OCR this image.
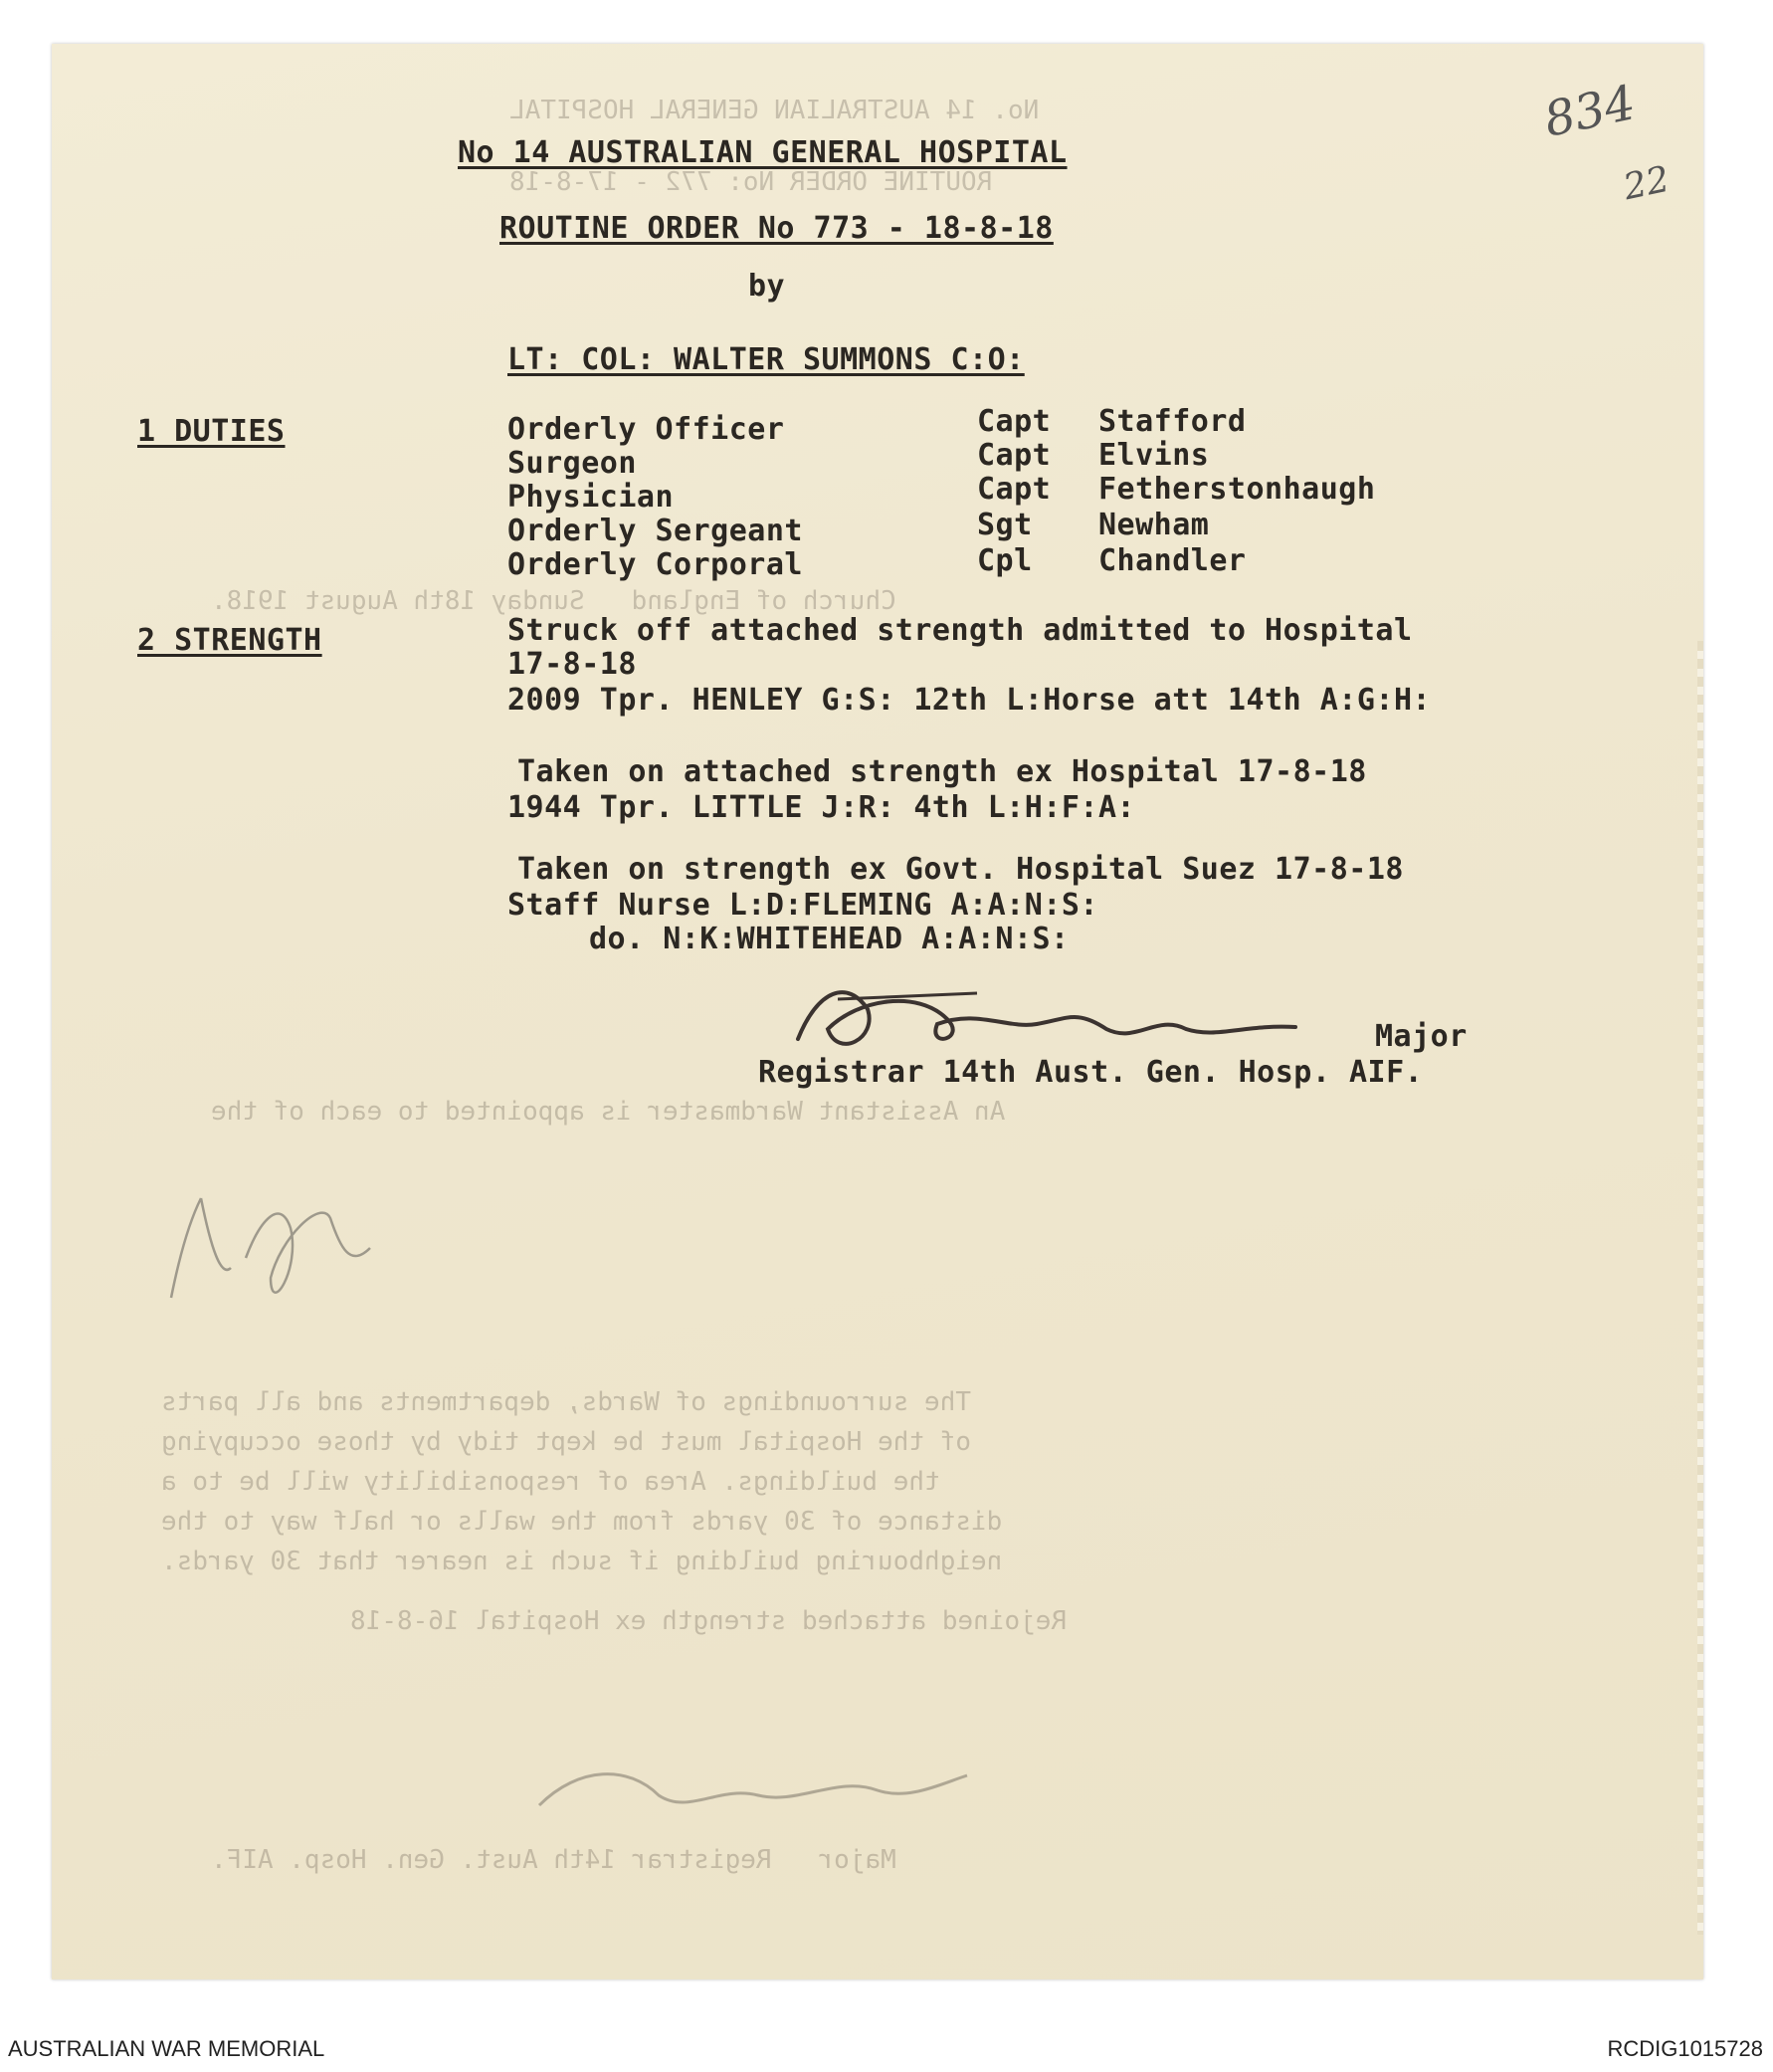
No. 14 AUSTRALIAN GENERAL HOSPITAL
ROUTINE ORDER No: 772 - 17-8-18
Church of England   Sunday 18th August 1918.
An Assistant Wardmaster is appointed to each of the
The surroundings of Wards, departments and all parts
of the Hospital must be kept tidy by those occupying
the buildings. Area of responsibility will be to a
distance of 30 yards from the walls or half way to the
neighbouring building if such is nearer that 30 yards.
Rejoined attached strength ex Hospital 16-8-18
Major   Registrar 14th Aust. Gen. Hosp. AIF.
834
22
No 14 AUSTRALIAN GENERAL HOSPITAL
ROUTINE ORDER No 773 - 18-8-18
by
LT: COL: WALTER SUMMONS C:O:
1 DUTIES	Orderly Officer	Capt Stafford
Surgeon	Capt Elvins
Physician	Capt Fetherstonhaugh
Orderly Sergeant	Sgt Newham
Orderly Corporal	Cpl Chandler
2 STRENGTH	Struck off attached strength admitted to Hospital
17-8-18
2009 Tpr. HENLEY G:S: 12th L:Horse att 14th A:G:H:
Taken on attached strength ex Hospital 17-8-18
1944 Tpr. LITTLE J:R: 4th L:H:F:A:
Taken on strength ex Govt. Hospital Suez 17-8-18
Staff Nurse L:D:FLEMING A:A:N:S:
do. N:K:WHITEHEAD A:A:N:S:
Major
Registrar 14th Aust. Gen. Hosp. AIF.
AUSTRALIAN WAR MEMORIAL	RCDIG1015728
